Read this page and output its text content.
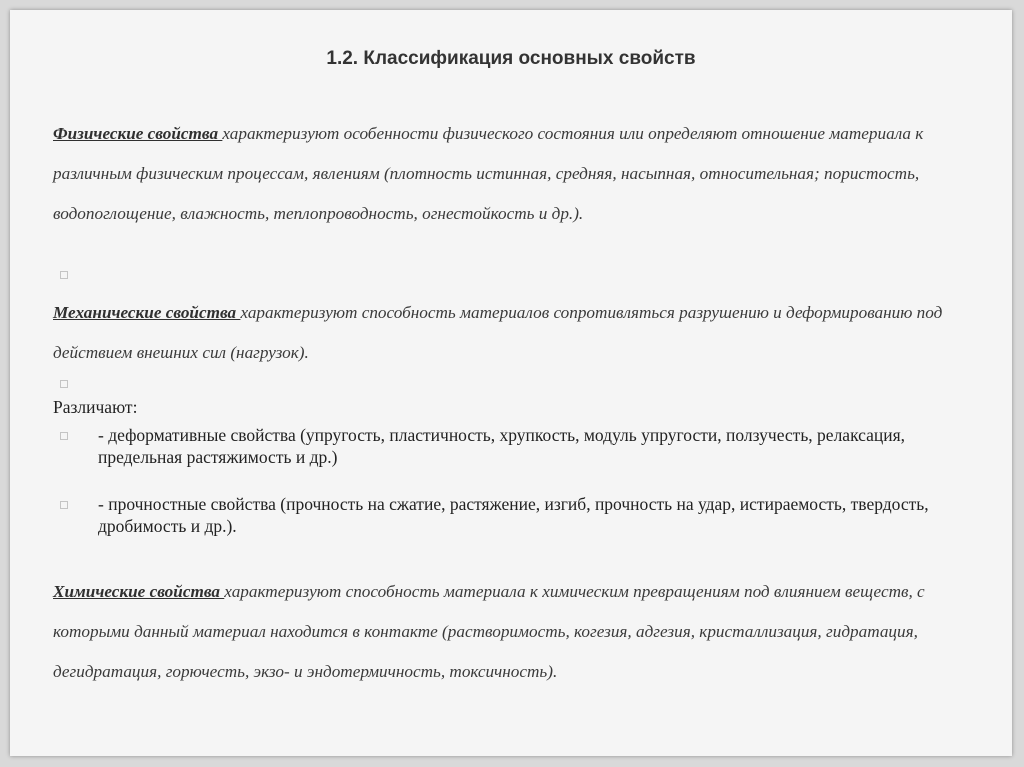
1.2. Классификация основных свойств
Физические свойства характеризуют особенности физического состояния или определяют отношение материала к различным физическим процессам, явлениям (плотность истинная, средняя, насыпная, относительная; пористость, водопоглощение, влажность, теплопроводность, огнестойкость и др.).
Механические свойства характеризуют способность материалов сопротивляться разрушению и деформированию под действием внешних сил (нагрузок).
Различают:
- деформативные свойства (упругость, пластичность, хрупкость, модуль упругости, ползучесть, релаксация, предельная растяжимость и др.)
- прочностные свойства (прочность на сжатие, растяжение, изгиб, прочность на удар, истираемость, твердость, дробимость и др.).
Химические свойства характеризуют способность материала к химическим превращениям под влиянием веществ, с которыми данный материал находится в контакте (растворимость, когезия, адгезия, кристаллизация, гидратация, дегидратация, горючесть, экзо- и эндотермичность, токсичность).
